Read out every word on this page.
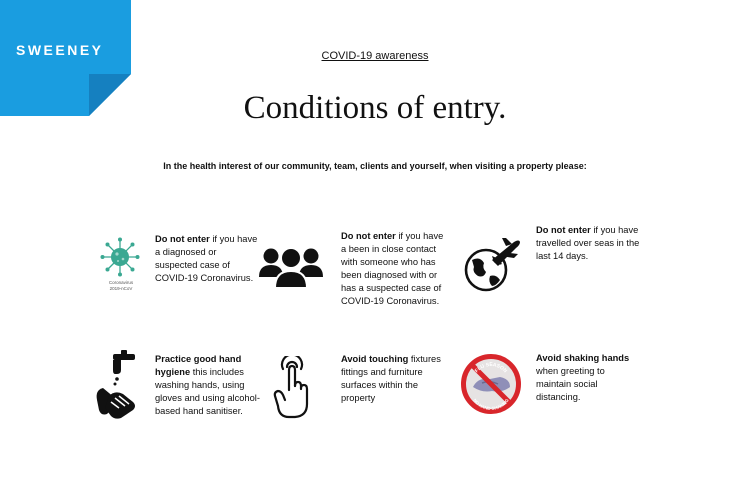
SWEENEY	COVID-19 awareness
Conditions of entry.
In the health interest of our community, team, clients and yourself, when visiting a property please:
Coronavirus 2019-nCoV
Do not enter if you have a diagnosed or suspected case of COVID-19 Coronavirus.
Do not enter if you have a been in close contact with someone who has been diagnosed with or has a suspected case of COVID-19 Coronavirus.
Do not enter if you have travelled over seas in the last 14 days.
Practice good hand hygiene this includes washing hands, using gloves and using alcohol-based hand sanitiser.
Avoid touching fixtures fittings and furniture surfaces within the property
FLU SEASON
NO HAND-SHAKING
Avoid shaking hands when greeting to maintain social distancing.
